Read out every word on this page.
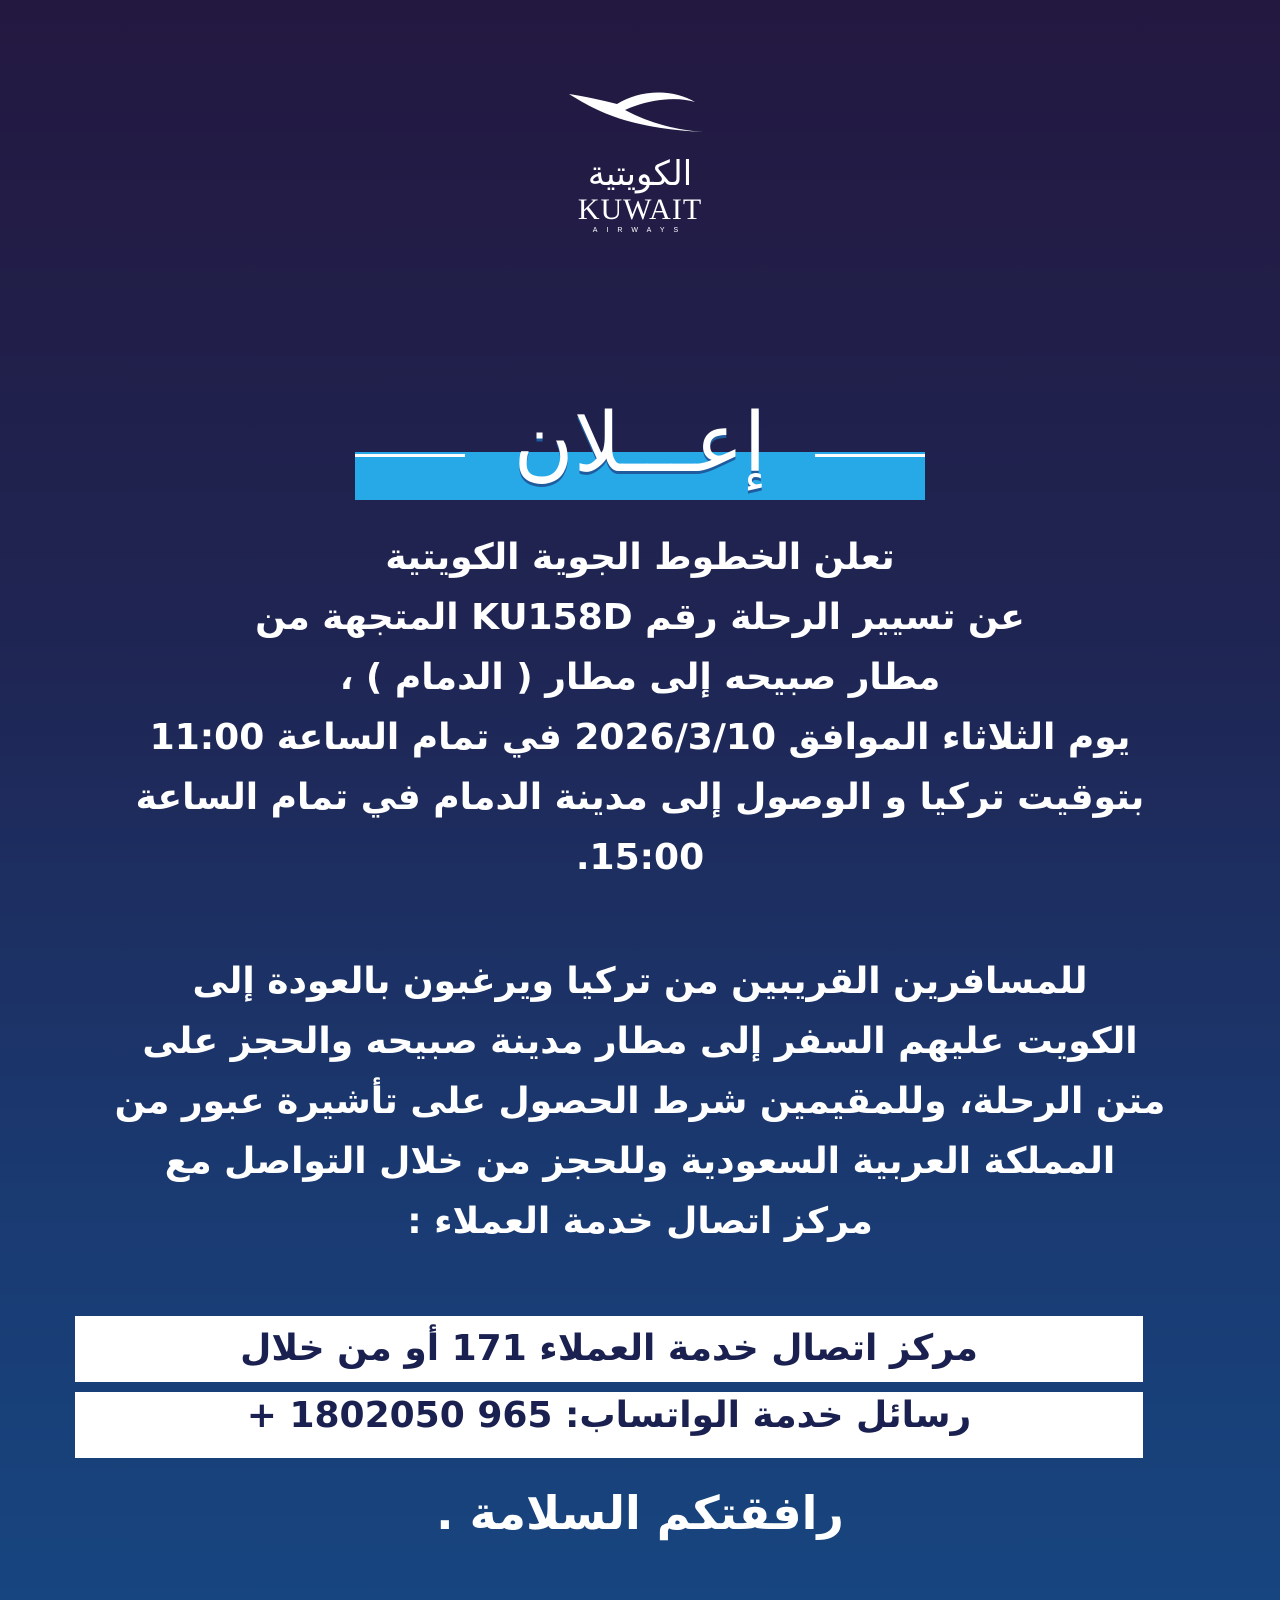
الكويتية
KUWAIT
AIRWAYS
إعـــلان
تعلن الخطوط الجوية الكويتية
عن تسيير الرحلة رقم KU158D المتجهة من
مطار صبيحه إلى مطار ( الدمام ) ،
يوم الثلاثاء الموافق 2026/3/10 في تمام الساعة 11:00
بتوقيت تركيا و الوصول إلى مدينة الدمام في تمام الساعة
15:00.
للمسافرين القريبين من تركيا ويرغبون بالعودة إلى
الكويت عليهم السفر إلى مطار مدينة صبيحه والحجز على
متن الرحلة، وللمقيمين شرط الحصول على تأشيرة عبور من
المملكة العربية السعودية وللحجز من خلال التواصل مع
مركز اتصال خدمة العملاء :
مركز اتصال خدمة العملاء 171 أو من خلال
رسائل خدمة الواتساب: 965 1802050 +
رافقتكم السلامة .
